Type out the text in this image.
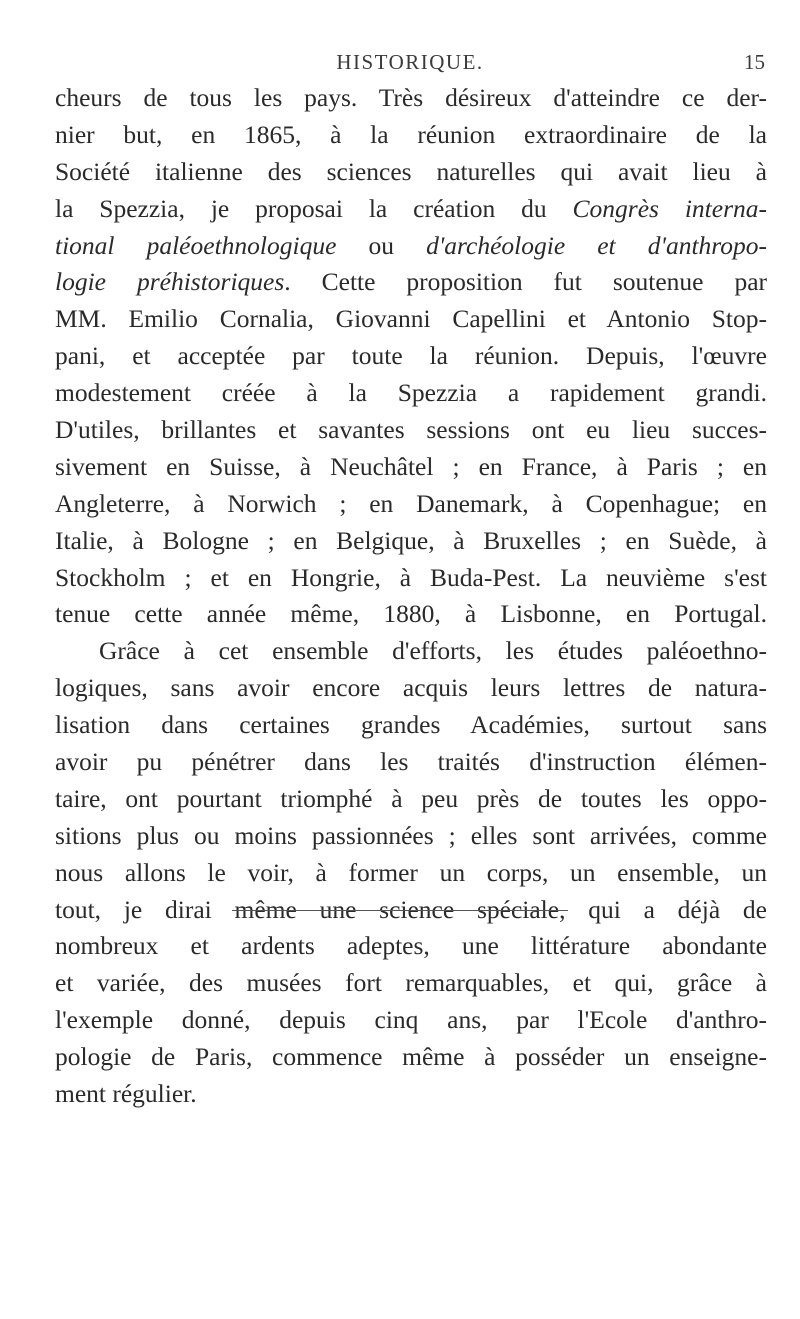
HISTORIQUE.	15
cheurs de tous les pays. Très désireux d'atteindre ce der-
nier but, en 1865, à la réunion extraordinaire de la
Société italienne des sciences naturelles qui avait lieu à
la Spezzia, je proposai la création du Congrès interna-
tional paléoethnologique ou d'archéologie et d'anthropo-
logie préhistoriques. Cette proposition fut soutenue par
MM. Emilio Cornalia, Giovanni Capellini et Antonio Stop-
pani, et acceptée par toute la réunion. Depuis, l'œuvre
modestement créée à la Spezzia a rapidement grandi.
D'utiles, brillantes et savantes sessions ont eu lieu succes-
sivement en Suisse, à Neuchâtel ; en France, à Paris ; en
Angleterre, à Norwich ; en Danemark, à Copenhague; en
Italie, à Bologne ; en Belgique, à Bruxelles ; en Suède, à
Stockholm ; et en Hongrie, à Buda-Pest. La neuvième s'est
tenue cette année même, 1880, à Lisbonne, en Portugal.
Grâce à cet ensemble d'efforts, les études paléoethno-
logiques, sans avoir encore acquis leurs lettres de natura-
lisation dans certaines grandes Académies, surtout sans
avoir pu pénétrer dans les traités d'instruction élémen-
taire, ont pourtant triomphé à peu près de toutes les oppo-
sitions plus ou moins passionnées ; elles sont arrivées, comme
nous allons le voir, à former un corps, un ensemble, un
tout, je dirai même une science spéciale, qui a déjà de
nombreux et ardents adeptes, une littérature abondante
et variée, des musées fort remarquables, et qui, grâce à
l'exemple donné, depuis cinq ans, par l'Ecole d'anthro-
pologie de Paris, commence même à posséder un enseigne-
ment régulier.
